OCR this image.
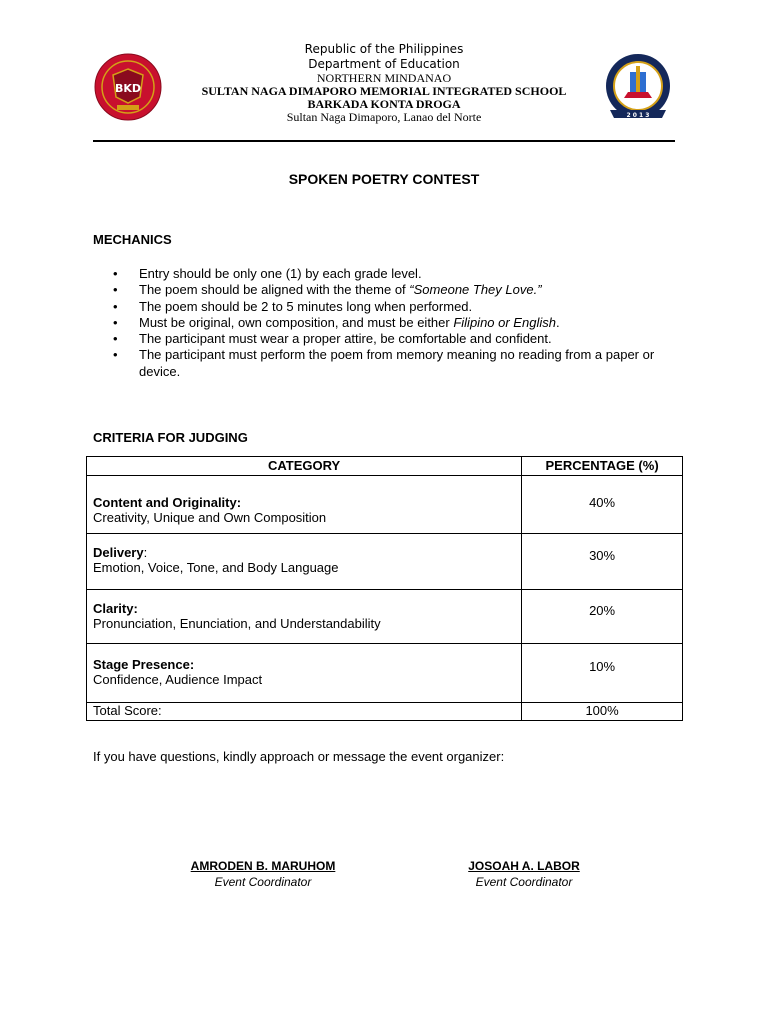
BKD
Republic of the Philippines
Department of Education
NORTHERN MINDANAO
SULTAN NAGA DIMAPORO MEMORIAL INTEGRATED SCHOOL
BARKADA KONTA DROGA
Sultan Naga Dimaporo, Lanao del Norte	2 0 1 3
SPOKEN POETRY CONTEST
MECHANICS
• Entry should be only one (1) by each grade level.
• The poem should be aligned with the theme of “Someone They Love.”
• The poem should be 2 to 5 minutes long when performed.
• Must be original, own composition, and must be either Filipino or English.
• The participant must wear a proper attire, be comfortable and confident.
• The participant must perform the poem from memory meaning no reading from a paper or device.
CRITERIA FOR JUDGING
CATEGORY	PERCENTAGE (%)

Content and Originality:
Creativity, Unique and Own Composition	40%

Delivery:
Emotion, Voice, Tone, and Body Language	30%

Clarity:
Pronunciation, Enunciation, and Understandability	20%

Stage Presence:
Confidence, Audience Impact	10%
Total Score:	100%
If you have questions, kindly approach or message the event organizer:
AMRODEN B. MARUHOM
Event Coordinator
JOSOAH A. LABOR
Event Coordinator
